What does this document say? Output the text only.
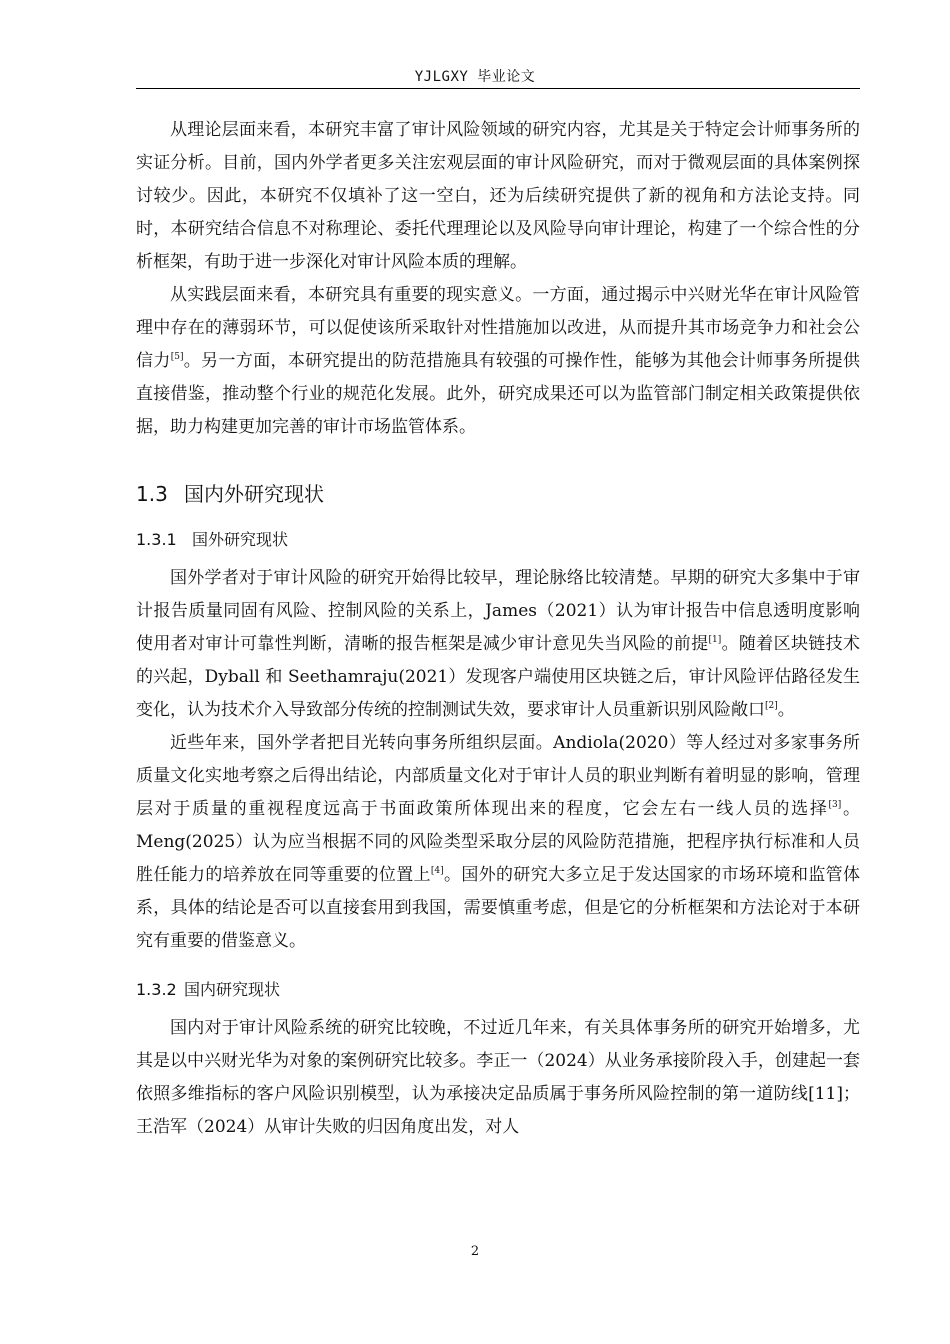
YJLGXY 毕业论文

从理论层面来看，本研究丰富了审计风险领域的研究内容，尤其是关于特定会计师事务所的实证分析。目前，国内外学者更多关注宏观层面的审计风险研究，而对于微观层面的具体案例探讨较少。因此，本研究不仅填补了这一空白，还为后续研究提供了新的视角和方法论支持。同时，本研究结合信息不对称理论、委托代理理论以及风险导向审计理论，构建了一个综合性的分析框架，有助于进一步深化对审计风险本质的理解。

从实践层面来看，本研究具有重要的现实意义。一方面，通过揭示中兴财光华在审计风险管理中存在的薄弱环节，可以促使该所采取针对性措施加以改进，从而提升其市场竞争力和社会公信力[5]。另一方面，本研究提出的防范措施具有较强的可操作性，能够为其他会计师事务所提供直接借鉴，推动整个行业的规范化发展。此外，研究成果还可以为监管部门制定相关政策提供依据，助力构建更加完善的审计市场监管体系。

1.3 国内外研究现状
1.3.1 国外研究现状

国外学者对于审计风险的研究开始得比较早，理论脉络比较清楚。早期的研究大多集中于审计报告质量同固有风险、控制风险的关系上，James（2021）认为审计报告中信息透明度影响使用者对审计可靠性判断，清晰的报告框架是减少审计意见失当风险的前提[1]。随着区块链技术的兴起，Dyball 和 Seethamraju(2021）发现客户端使用区块链之后，审计风险评估路径发生变化，认为技术介入导致部分传统的控制测试失效，要求审计人员重新识别风险敞口[2]。

近些年来，国外学者把目光转向事务所组织层面。Andiola(2020）等人经过对多家事务所质量文化实地考察之后得出结论，内部质量文化对于审计人员的职业判断有着明显的影响，管理层对于质量的重视程度远高于书面政策所体现出来的程度，它会左右一线人员的选择[3]。Meng(2025）认为应当根据不同的风险类型采取分层的风险防范措施，把程序执行标准和人员胜任能力的培养放在同等重要的位置上[4]。国外的研究大多立足于发达国家的市场环境和监管体系，具体的结论是否可以直接套用到我国，需要慎重考虑，但是它的分析框架和方法论对于本研究有重要的借鉴意义。

1.3.2 国内研究现状

国内对于审计风险系统的研究比较晚，不过近几年来，有关具体事务所的研究开始增多，尤其是以中兴财光华为对象的案例研究比较多。李正一（2024）从业务承接阶段入手，创建起一套依照多维指标的客户风险识别模型，认为承接决定品质属于事务所风险控制的第一道防线[11]；王浩军（2024）从审计失败的归因角度出发，对人

2
